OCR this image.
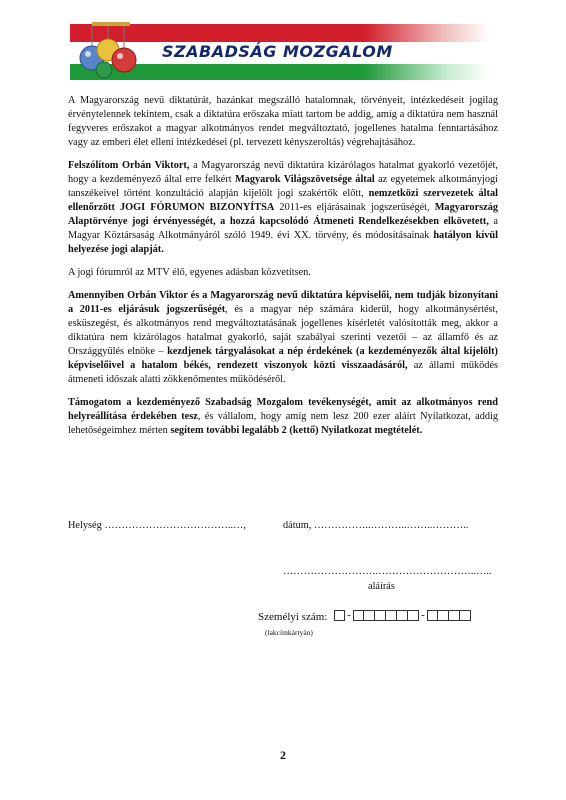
SZABADSÁG MOZGALOM

A Magyarország nevű diktatúrát, hazánkat megszálló hatalomnak, törvényeit, intézkedéseit jogilag érvénytelennek tekintem, csak a diktatúra erőszaka miatt tartom be addig, amíg a diktatúra nem használ fegyveres erőszakot a magyar alkotmányos rendet megváltoztató, jogellenes hatalma fenntartásához vagy az emberi élet elleni intézkedései (pl. tervezett kényszeroltás) végrehajtásához.

Felszólítom Orbán Viktort, a Magyarország nevű diktatúra kizárólagos hatalmat gyakorló vezetőjét, hogy a kezdeményező által erre felkért Magyarok Világszövetsége által az egyetemek alkotmányjogi tanszékeivel történt konzultáció alapján kijelölt jogi szakértők előtt, nemzetközi szervezetek által ellenőrzött JOGI FÓRUMON BIZONYÍTSA 2011-es eljárásainak jogszerűségét, Magyarország Alaptörvénye jogi érvényességét, a hozzá kapcsolódó Átmeneti Rendelkezésekben elkövetett, a Magyar Köztársaság Alkotmányáról szóló 1949. évi XX. törvény, és módosításainak hatályon kívül helyezése jogi alapját.

A jogi fórumról az MTV élő, egyenes adásban közvetítsen.

Amennyiben Orbán Viktor és a Magyarország nevű diktatúra képviselői, nem tudják bizonyítani a 2011-es eljárásuk jogszerűségét, és a magyar nép számára kiderül, hogy alkotmánysértést, esküszegést, és alkotmányos rend megváltoztatásának jogellenes kísérletét valósították meg, akkor a diktatúra nem kizárólagos hatalmat gyakorló, saját szabályai szerinti vezetői – az államfő és az Országgyűlés elnöke – kezdjenek tárgyalásokat a nép érdekének (a kezdeményezők által kijelölt) képviselőivel a hatalom békés, rendezett viszonyok közti visszaadásáról, az állami működés átmeneti időszak alatti zökkenőmentes működéséről.

Támogatom a kezdeményező Szabadság Mozgalom tevékenységét, amit az alkotmányos rend helyreállítása érdekében tesz, és vállalom, hogy amíg nem lesz 200 ezer aláírt Nyilatkozat, addig lehetőségeimhez mérten segítem további legalább 2 (kettő) Nyilatkozat megtételét.

Helység ………………………………..…,	dátum, ……………..………..……..………..
……………………….………………………..…..
aláírás
Személyi szám: -	-
(lakcímkártyán)
2
